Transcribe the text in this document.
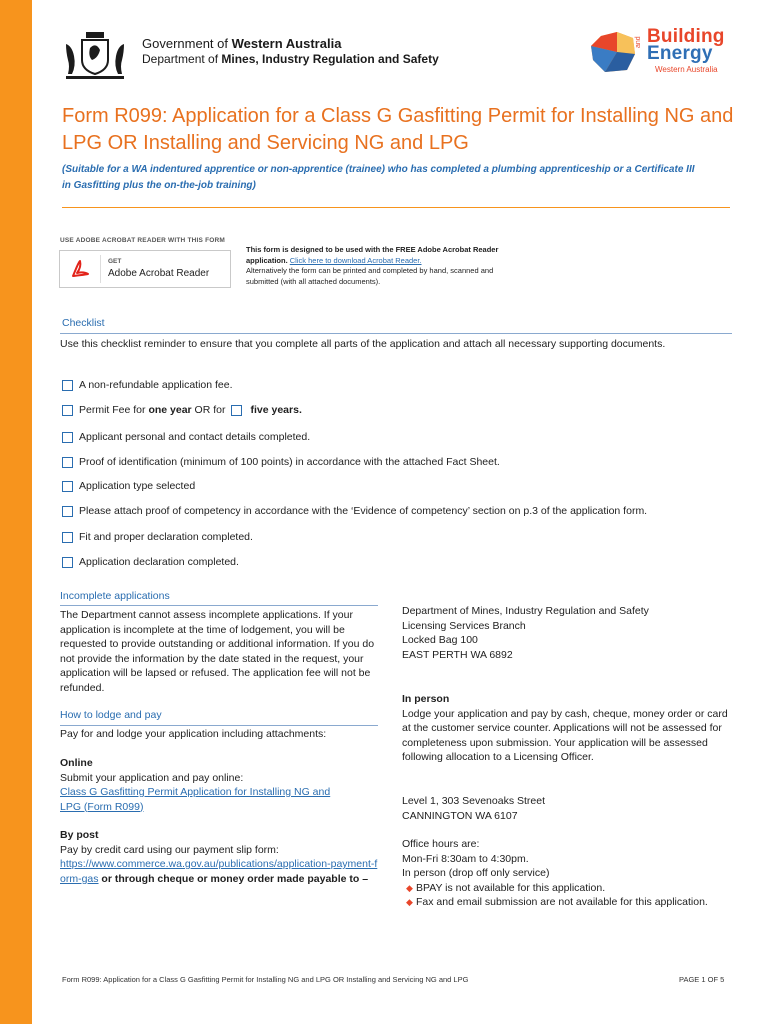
Government of Western Australia
Department of Mines, Industry Regulation and Safety
Building
and
Energy
Western Australia
Form R099: Application for a Class G Gasfitting Permit for Installing NG and LPG OR Installing and Servicing NG and LPG
(Suitable for a WA indentured apprentice or non-apprentice (trainee) who has completed a plumbing apprenticeship or a Certificate III in Gasfitting plus the on-the-job training)
USE ADOBE ACROBAT READER WITH THIS FORM
GET
Adobe Acrobat Reader
This form is designed to be used with the FREE Adobe Acrobat Reader application. Click here to download Acrobat Reader.
Alternatively the form can be printed and completed by hand, scanned and submitted (with all attached documents).
Checklist
Use this checklist reminder to ensure that you complete all parts of the application and attach all necessary supporting documents.
A non-refundable application fee.
Permit Fee for one year OR for five years.
Applicant personal and contact details completed.
Proof of identification (minimum of 100 points) in accordance with the attached Fact Sheet.
Application type selected
Please attach proof of competency in accordance with the ‘Evidence of competency’ section on p.3 of the application form.
Fit and proper declaration completed.
Application declaration completed.
Incomplete applications
The Department cannot assess incomplete applications. If your application is incomplete at the time of lodgement, you will be requested to provide outstanding or additional information. If you do not provide the information by the date stated in the request, your application will be lapsed or refused. The application fee will not be refunded.
How to lodge and pay
Pay for and lodge your application including attachments:
Online
Submit your application and pay online:
Class G Gasfitting Permit Application for Installing NG and LPG (Form R099)
By post
Pay by credit card using our payment slip form:
https://www.commerce.wa.gov.au/publications/application-payment-form-gas or through cheque or money order made payable to –
Department of Mines, Industry Regulation and Safety
Licensing Services Branch
Locked Bag 100
EAST PERTH WA 6892
In person
Lodge your application and pay by cash, cheque, money order or card at the customer service counter. Applications will not be assessed for completeness upon submission. Your application will be assessed following allocation to a Licensing Officer.
Level 1, 303 Sevenoaks Street
CANNINGTON WA 6107
Office hours are:
Mon-Fri 8:30am to 4:30pm.
In person (drop off only service)
◆ BPAY is not available for this application.
◆ Fax and email submission are not available for this application.
Form R099: Application for a Class G Gasfitting Permit for Installing NG and LPG OR Installing and Servicing NG and LPG	PAGE 1 OF 5
